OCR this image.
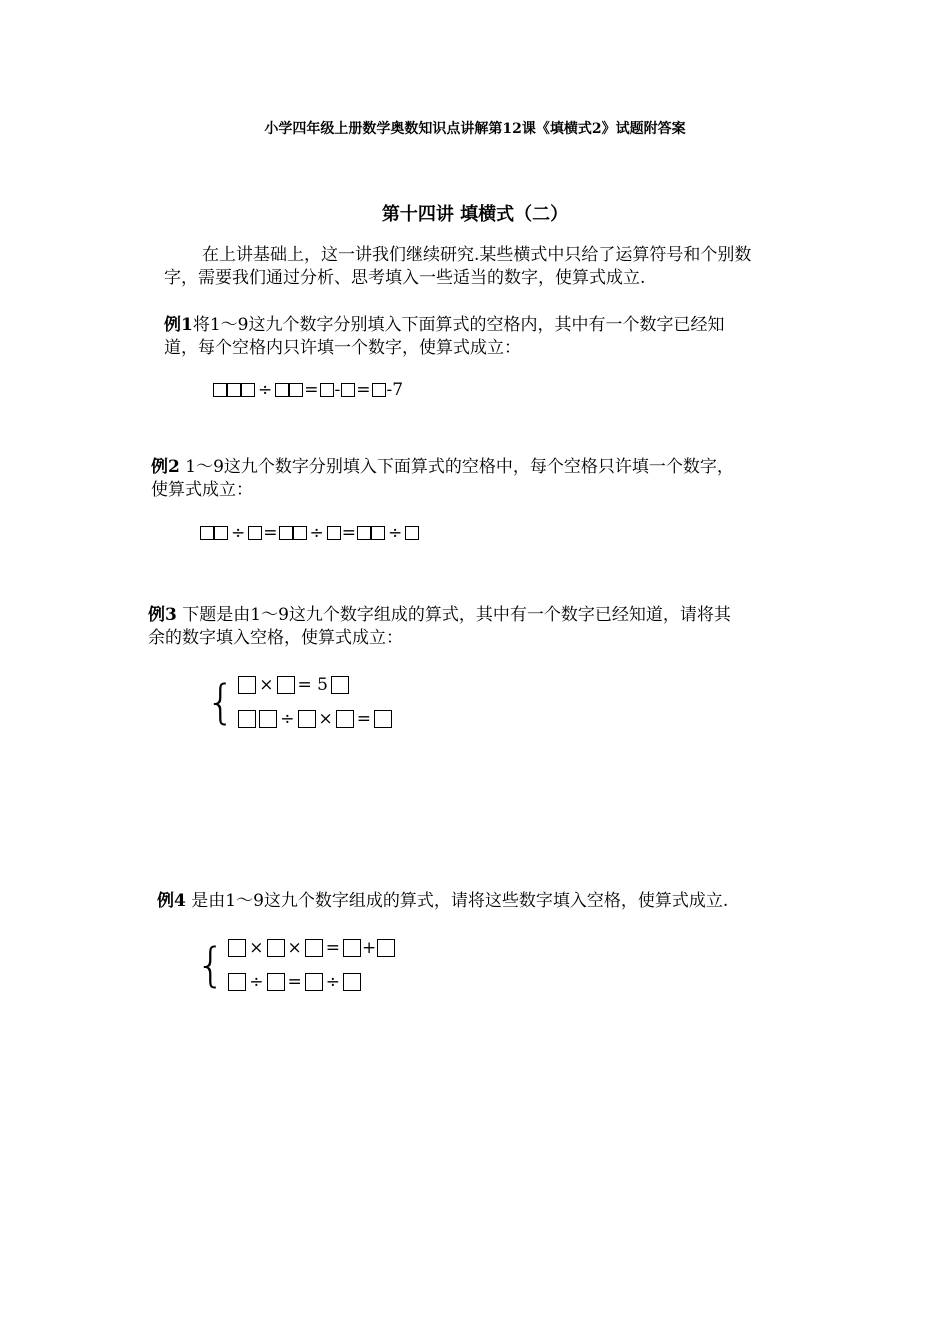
小学四年级上册数学奥数知识点讲解第12课《填横式2》试题附答案
第十四讲 填横式（二）
在上讲基础上，这一讲我们继续研究.某些横式中只给了运算符号和个别数
字，需要我们通过分析、思考填入一些适当的数字，使算式成立.
例1将1～9这九个数字分别填入下面算式的空格内，其中有一个数字已经知
道，每个空格内只许填一个数字，使算式成立：
÷ = - = -7
例2 1～9这九个数字分别填入下面算式的空格中，每个空格只许填一个数字，
使算式成立：
÷ = ÷ = ÷
例3 下题是由1～9这九个数字组成的算式，其中有一个数字已经知道，请将其
余的数字填入空格，使算式成立：
{ × = 5
÷ × =
例4 是由1～9这九个数字组成的算式，请将这些数字填入空格，使算式成立.
{ × × = +
÷ = ÷
